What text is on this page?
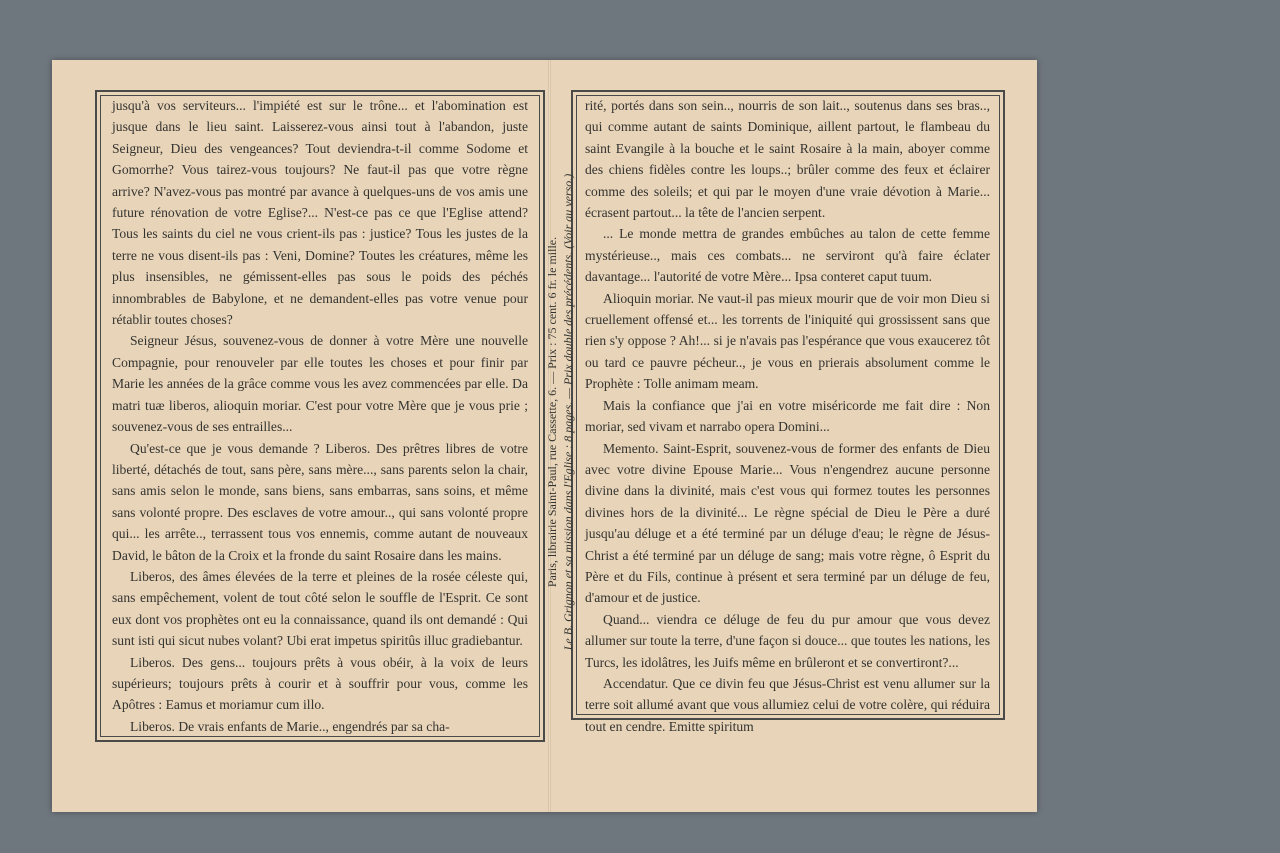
jusqu'à vos serviteurs... l'impiété est sur le trône... et l'abomination est jusque dans le lieu saint. Laisserez-vous ainsi tout à l'abandon, juste Seigneur, Dieu des vengeances? Tout deviendra-t-il comme Sodome et Gomorrhe? Vous tairez-vous toujours? Ne faut-il pas que votre règne arrive? N'avez-vous pas montré par avance à quelques-uns de vos amis une future rénovation de votre Eglise?... N'est-ce pas ce que l'Eglise attend? Tous les saints du ciel ne vous crient-ils pas : justice? Tous les justes de la terre ne vous disent-ils pas : Veni, Domine? Toutes les créatures, même les plus insensibles, ne gémissent-elles pas sous le poids des péchés innombrables de Babylone, et ne demandent-elles pas votre venue pour rétablir toutes choses?

Seigneur Jésus, souvenez-vous de donner à votre Mère une nouvelle Compagnie, pour renouveler par elle toutes les choses et pour finir par Marie les années de la grâce comme vous les avez commencées par elle. Da matri tuæ liberos, alioquin moriar. C'est pour votre Mère que je vous prie ; souvenez-vous de ses entrailles...

Qu'est-ce que je vous demande ? Liberos. Des prêtres libres de votre liberté, détachés de tout, sans père, sans mère..., sans parents selon la chair, sans amis selon le monde, sans biens, sans embarras, sans soins, et même sans volonté propre. Des esclaves de votre amour.., qui sans volonté propre qui... les arrête.., terrassent tous vos ennemis, comme autant de nouveaux David, le bâton de la Croix et la fronde du saint Rosaire dans les mains.

Liberos, des âmes élevées de la terre et pleines de la rosée céleste qui, sans empêchement, volent de tout côté selon le souffle de l'Esprit. Ce sont eux dont vos prophètes ont eu la connaissance, quand ils ont demandé : Qui sunt isti qui sicut nubes volant? Ubi erat impetus spiritûs illuc gradiebantur.

Liberos. Des gens... toujours prêts à vous obéir, à la voix de leurs supérieurs; toujours prêts à courir et à souffrir pour vous, comme les Apôtres : Eamus et moriamur cum illo.

Liberos. De vrais enfants de Marie.., engendrés par sa cha-

rité, portés dans son sein.., nourris de son lait.., soutenus dans ses bras.., qui comme autant de saints Dominique, aillent partout, le flambeau du saint Evangile à la bouche et le saint Rosaire à la main, aboyer comme des chiens fidèles contre les loups..; brûler comme des feux et éclairer comme des soleils; et qui par le moyen d'une vraie dévotion à Marie... écrasent partout... la tête de l'ancien serpent.

... Le monde mettra de grandes embûches au talon de cette femme mystérieuse.., mais ces combats... ne serviront qu'à faire éclater davantage... l'autorité de votre Mère... Ipsa conteret caput tuum.

Alioquin moriar. Ne vaut-il pas mieux mourir que de voir mon Dieu si cruellement offensé et... les torrents de l'iniquité qui grossissent sans que rien s'y oppose ? Ah!... si je n'avais pas l'espérance que vous exaucerez tôt ou tard ce pauvre pécheur.., je vous en prierais absolument comme le Prophète : Tolle animam meam.

Mais la confiance que j'ai en votre miséricorde me fait dire : Non moriar, sed vivam et narrabo opera Domini...

Memento. Saint-Esprit, souvenez-vous de former des enfants de Dieu avec votre divine Epouse Marie... Vous n'engendrez aucune personne divine dans la divinité, mais c'est vous qui formez toutes les personnes divines hors de la divinité... Le règne spécial de Dieu le Père a duré jusqu'au déluge et a été terminé par un déluge d'eau; le règne de Jésus-Christ a été terminé par un déluge de sang; mais votre règne, ô Esprit du Père et du Fils, continue à présent et sera terminé par un déluge de feu, d'amour et de justice.

Quand... viendra ce déluge de feu du pur amour que vous devez allumer sur toute la terre, d'une façon si douce... que toutes les nations, les Turcs, les idolâtres, les Juifs même en brûleront et se convertiront?...

Accendatur. Que ce divin feu que Jésus-Christ est venu allumer sur la terre soit allumé avant que vous allumiez celui de votre colère, qui réduira tout en cendre. Emitte spiritum

Paris, librairie Saint-Paul, rue Cassette, 6. — Prix : 75 cent. 6 fr. le mille. Le B. Grignon et sa mission dans l'Eglise : 8 pages. — Prix double des précédents. (Voir au verso.)
